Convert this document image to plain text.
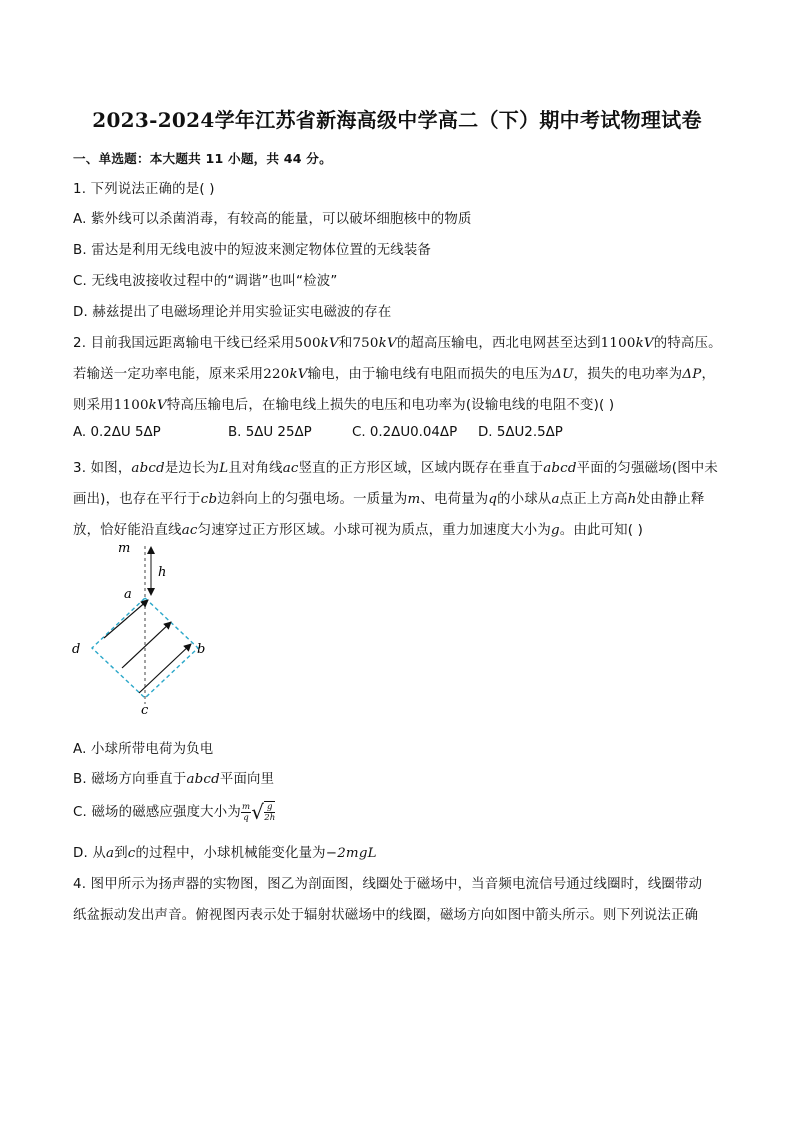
2023-2024学年江苏省新海高级中学高二（下）期中考试物理试卷
一、单选题：本大题共 11 小题，共 44 分。
1. 下列说法正确的是( )
A. 紫外线可以杀菌消毒，有较高的能量，可以破坏细胞核中的物质
B. 雷达是利用无线电波中的短波来测定物体位置的无线装备
C. 无线电波接收过程中的“调谐”也叫“检波”
D. 赫兹提出了电磁场理论并用实验证实电磁波的存在
2. 目前我国远距离输电干线已经采用500kV和750kV的超高压输电，西北电网甚至达到1100kV的特高压。
若输送一定功率电能，原来采用220kV输电，由于输电线有电阻而损失的电压为ΔU，损失的电功率为ΔP，
则采用1100kV特高压输电后，在输电线上损失的电压和电功率为(设输电线的电阻不变)( )
A. 0.2ΔU 5ΔP	B. 5ΔU 25ΔP	C. 0.2ΔU0.04ΔP D. 5ΔU2.5ΔP
3. 如图，abcd是边长为L且对角线ac竖直的正方形区域，区域内既存在垂直于abcd平面的匀强磁场(图中未
画出)，也存在平行于cb边斜向上的匀强电场。一质量为m、电荷量为q的小球从a点正上方高h处由静止释
放，恰好能沿直线ac匀速穿过正方形区域。小球可视为质点，重力加速度大小为g。由此可知( )
m
h
a
b
c
d
A. 小球所带电荷为负电
B. 磁场方向垂直于abcd平面向里
C. 磁场的磁感应强度大小为 $\frac{m}{q}$ √ $\frac{g}{2h}$
D. 从a到c的过程中，小球机械能变化量为−2mgL
4. 图甲所示为扬声器的实物图，图乙为剖面图，线圈处于磁场中，当音频电流信号通过线圈时，线圈带动
纸盆振动发出声音。俯视图丙表示处于辐射状磁场中的线圈，磁场方向如图中箭头所示。则下列说法正确
